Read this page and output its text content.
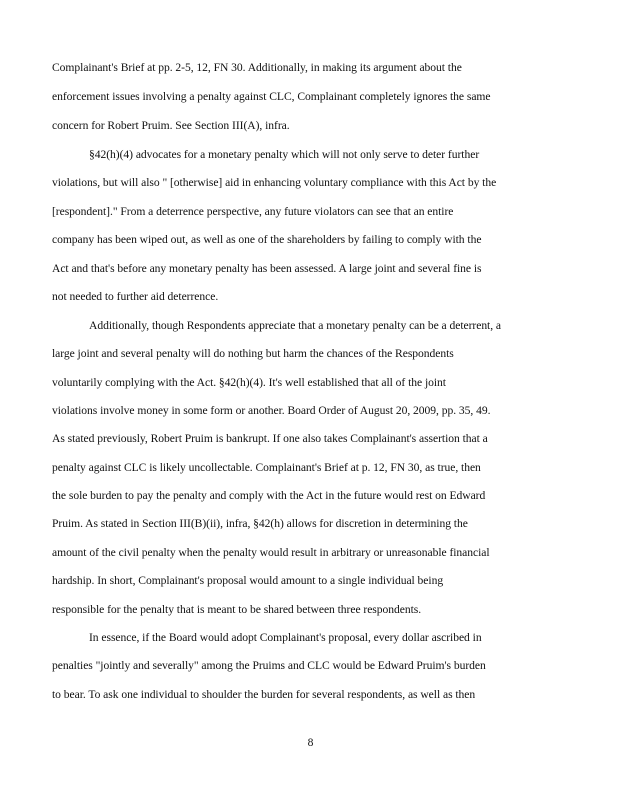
Complainant's Brief at pp. 2-5, 12, FN 30. Additionally, in making its argument about the
enforcement issues involving a penalty against CLC, Complainant completely ignores the same
concern for Robert Pruim. See Section III(A), infra.
§42(h)(4) advocates for a monetary penalty which will not only serve to deter further
violations, but will also " [otherwise] aid in enhancing voluntary compliance with this Act by the
[respondent]." From a deterrence perspective, any future violators can see that an entire
company has been wiped out, as well as one of the shareholders by failing to comply with the
Act and that's before any monetary penalty has been assessed. A large joint and several fine is
not needed to further aid deterrence.
Additionally, though Respondents appreciate that a monetary penalty can be a deterrent, a
large joint and several penalty will do nothing but harm the chances of the Respondents
voluntarily complying with the Act. §42(h)(4). It's well established that all of the joint
violations involve money in some form or another. Board Order of August 20, 2009, pp. 35, 49.
As stated previously, Robert Pruim is bankrupt. If one also takes Complainant's assertion that a
penalty against CLC is likely uncollectable. Complainant's Brief at p. 12, FN 30, as true, then
the sole burden to pay the penalty and comply with the Act in the future would rest on Edward
Pruim. As stated in Section III(B)(ii), infra, §42(h) allows for discretion in determining the
amount of the civil penalty when the penalty would result in arbitrary or unreasonable financial
hardship. In short, Complainant's proposal would amount to a single individual being
responsible for the penalty that is meant to be shared between three respondents.
In essence, if the Board would adopt Complainant's proposal, every dollar ascribed in
penalties "jointly and severally" among the Pruims and CLC would be Edward Pruim's burden
to bear. To ask one individual to shoulder the burden for several respondents, as well as then
8
